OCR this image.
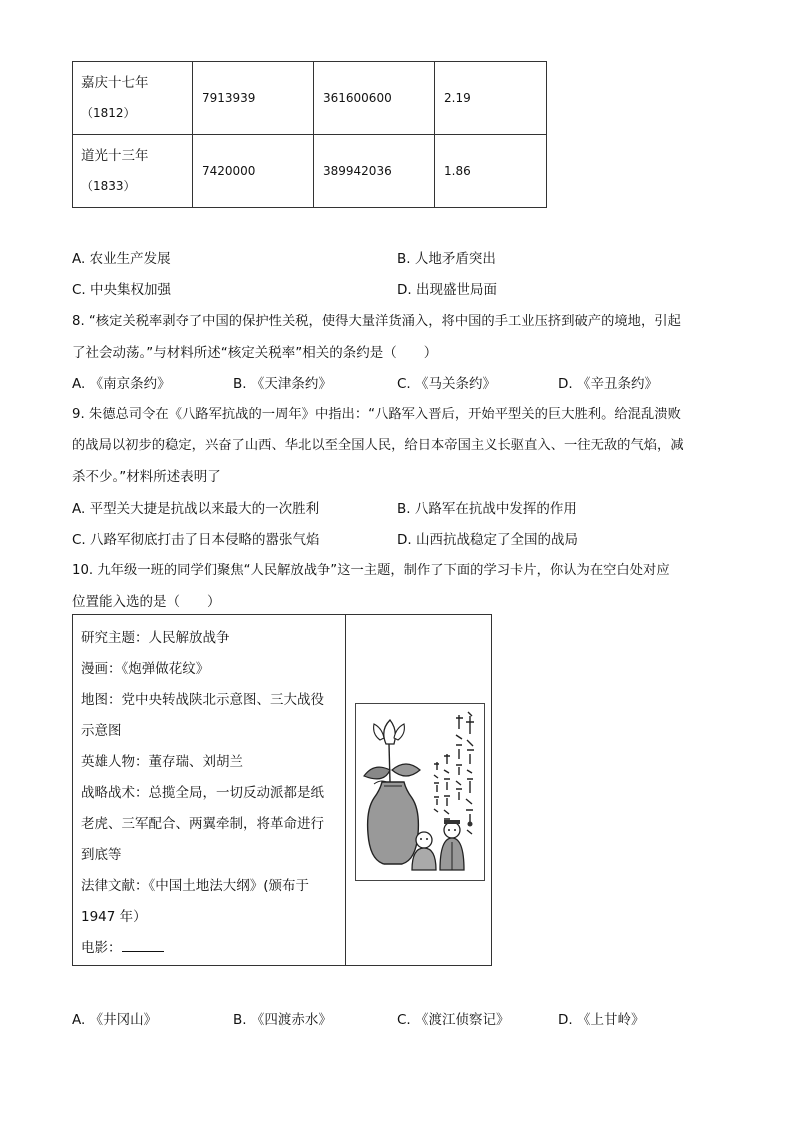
嘉庆十七年
（1812）	7913939	361600600	2.19

道光十三年
（1833）	7420000	389942036	1.86
A. 农业生产发展	B. 人地矛盾突出
C. 中央集权加强	D. 出现盛世局面
8. “核定关税率剥夺了中国的保护性关税，使得大量洋货涌入，将中国的手工业压挤到破产的境地，引起
了社会动荡。”与材料所述“核定关税率”相关的条约是（　　）
A. 《南京条约》	B. 《天津条约》	C. 《马关条约》	D. 《辛丑条约》
9. 朱德总司令在《八路军抗战的一周年》中指出：“八路军入晋后，开始平型关的巨大胜利。给混乱溃败
的战局以初步的稳定，兴奋了山西、华北以至全国人民，给日本帝国主义长驱直入、一往无敌的气焰，减
杀不少。”材料所述表明了
A. 平型关大捷是抗战以来最大的一次胜利	B. 八路军在抗战中发挥的作用
C. 八路军彻底打击了日本侵略的嚣张气焰	D. 山西抗战稳定了全国的战局
10. 九年级一班的同学们聚焦“人民解放战争”这一主题，制作了下面的学习卡片，你认为在空白处对应
位置能入选的是（　　）
研究主题：人民解放战争
漫画：《炮弹做花纹》
地图：党中央转战陕北示意图、三大战役
示意图
英雄人物：董存瑞、刘胡兰
战略战术：总揽全局，一切反动派都是纸
老虎、三军配合、两翼牵制，将革命进行
到底等
法律文献：《中国土地法大纲》(颁布于
1947 年）
电影：
A. 《井冈山》	B. 《四渡赤水》	C. 《渡江侦察记》	D. 《上甘岭》
